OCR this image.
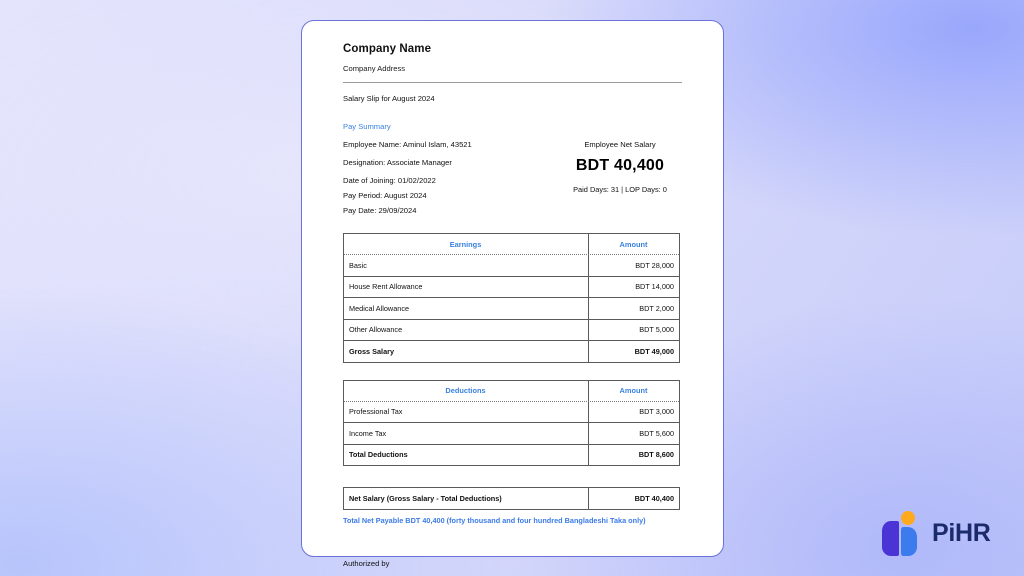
Company Name
Company Address
Salary Slip for August 2024
Pay Summary
Employee Name: Aminul Islam, 43521
Designation: Associate Manager
Date of Joining: 01/02/2022
Pay Period: August 2024
Pay Date: 29/09/2024
Employee Net Salary
BDT 40,400
Paid Days: 31 | LOP Days: 0
Earnings	Amount
Basic	BDT 28,000
House Rent Allowance	BDT 14,000
Medical Allowance	BDT 2,000
Other Allowance	BDT 5,000
Gross Salary	BDT 49,000
Deductions	Amount
Professional Tax	BDT 3,000
Income Tax	BDT 5,600
Total Deductions	BDT 8,600
Net Salary (Gross Salary - Total Deductions)	BDT 40,400
Total Net Payable BDT 40,400 (forty thousand and four hundred Bangladeshi Taka only)
Authorized by
PiHR
